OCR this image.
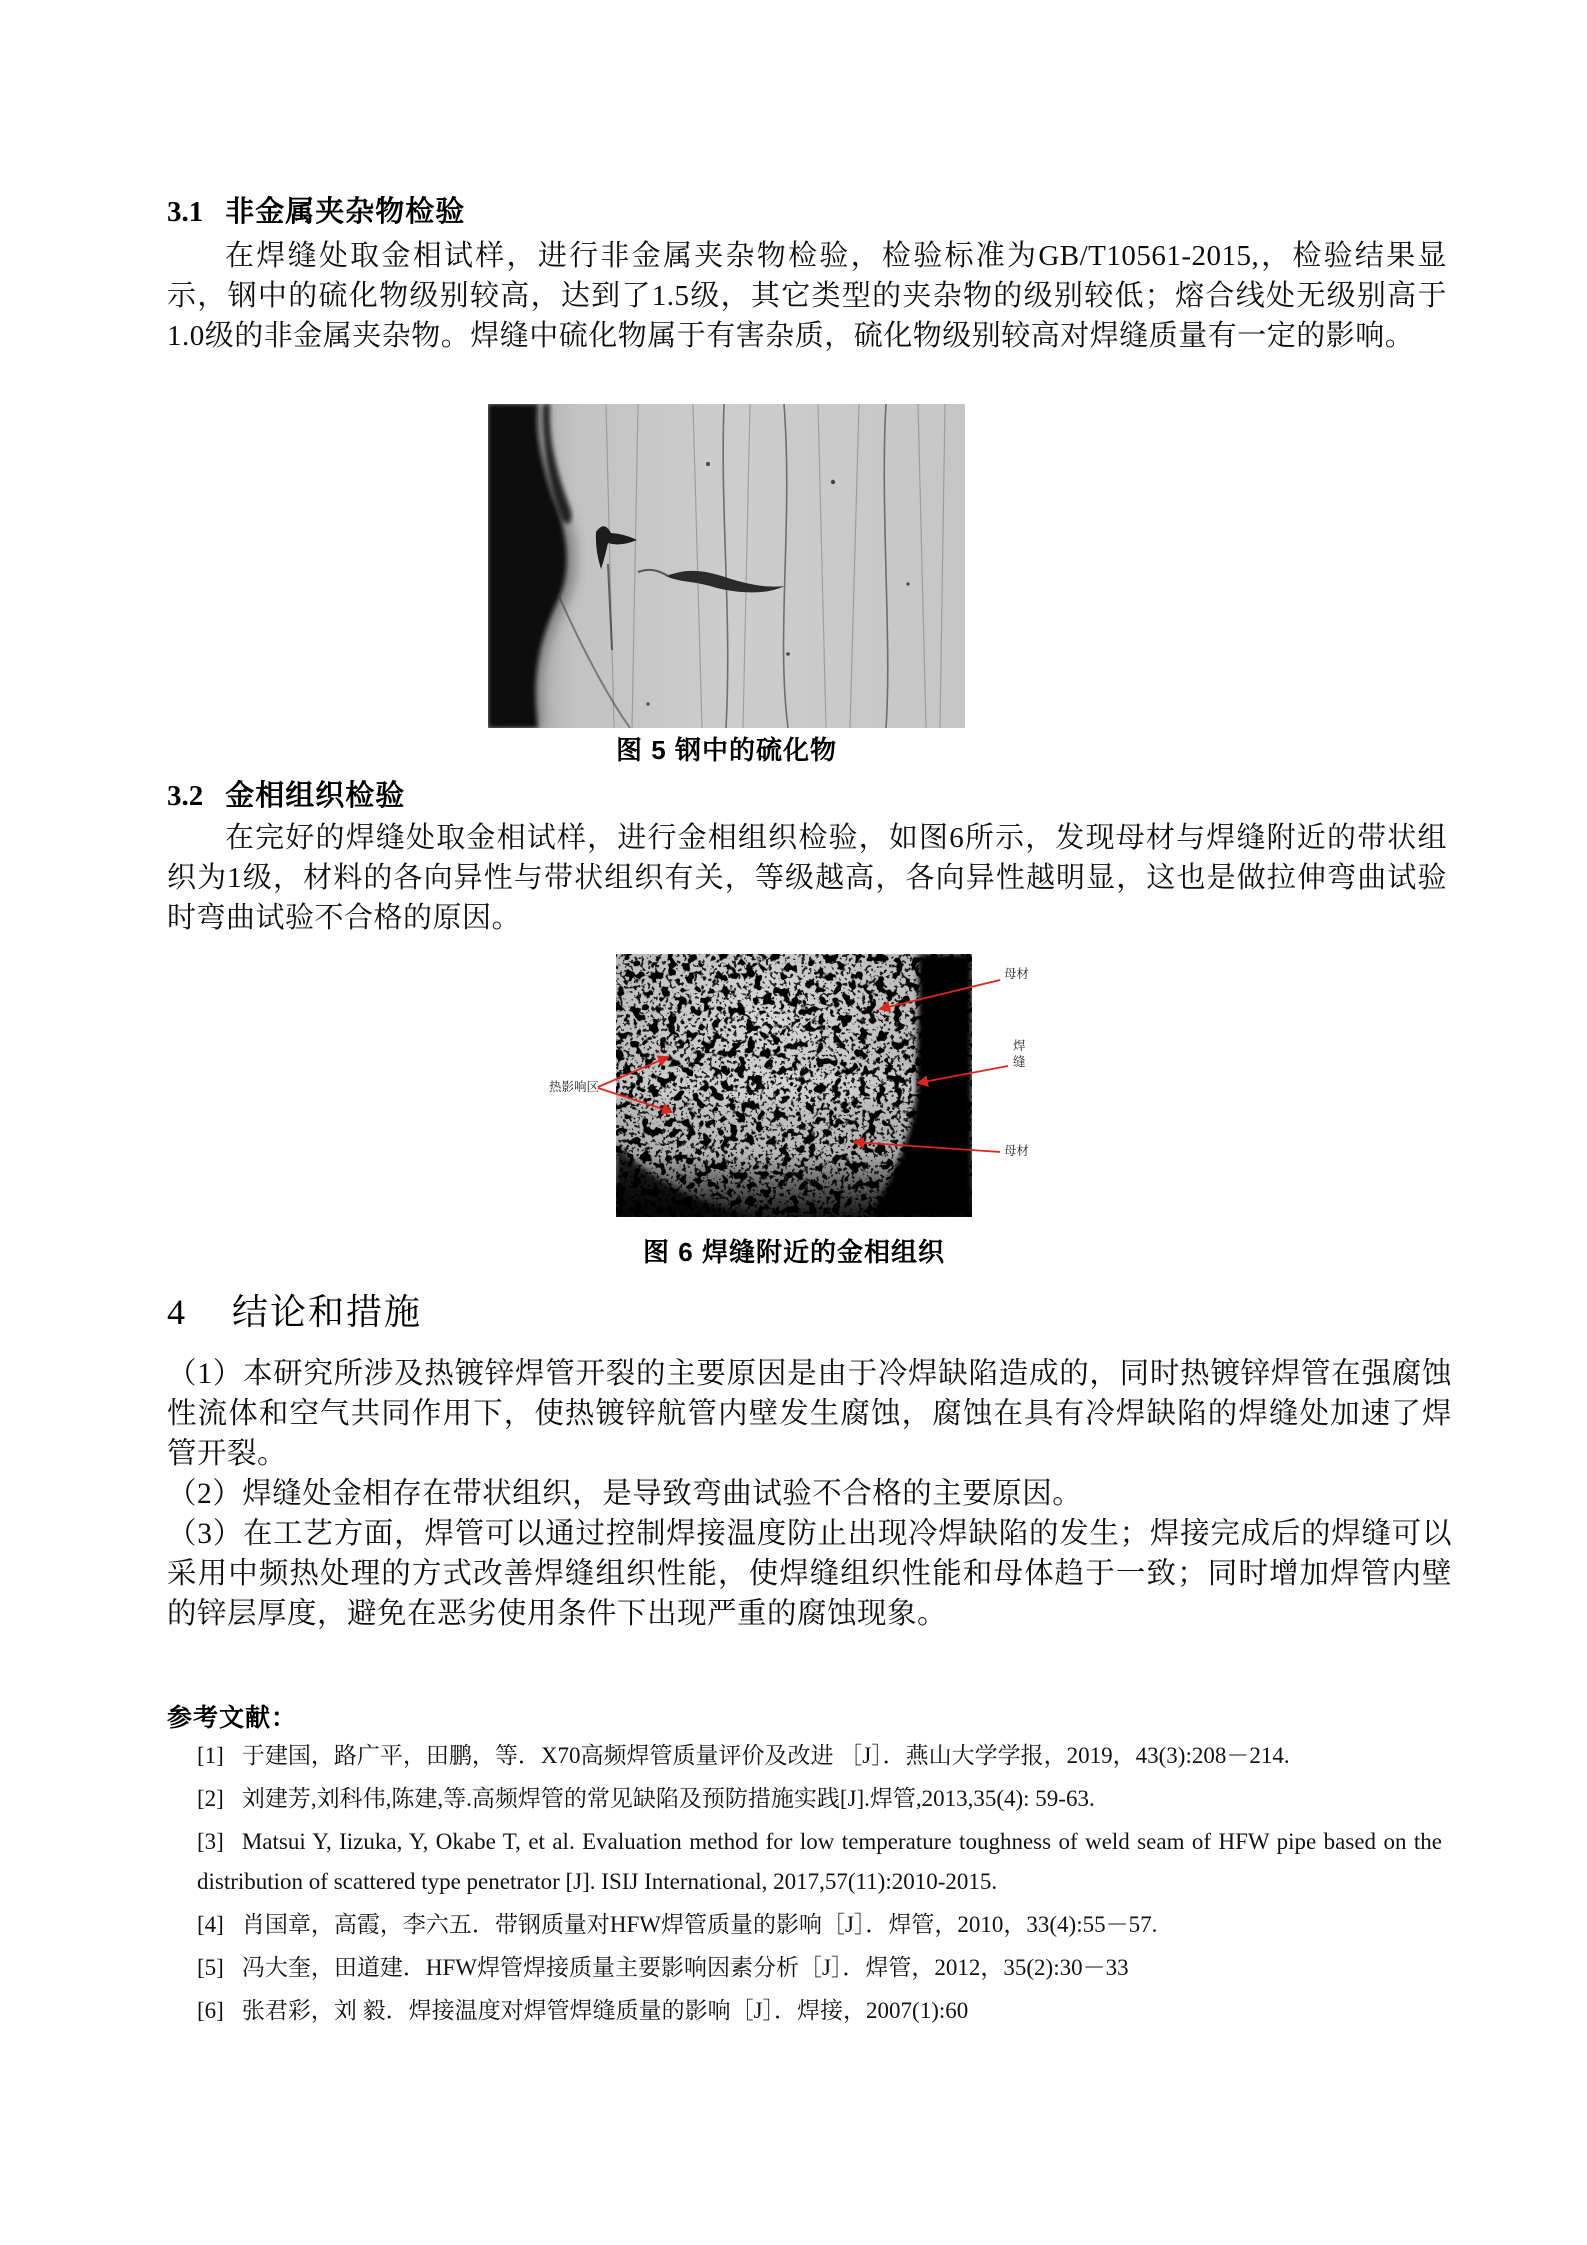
3.1 非金属夹杂物检验
在焊缝处取金相试样，进行非金属夹杂物检验，检验标准为GB/T10561-2015,，检验结果显示，钢中的硫化物级别较高，达到了1.5级，其它类型的夹杂物的级别较低；熔合线处无级别高于1.0级的非金属夹杂物。焊缝中硫化物属于有害杂质，硫化物级别较高对焊缝质量有一定的影响。
图 5 钢中的硫化物
3.2 金相组织检验
在完好的焊缝处取金相试样，进行金相组织检验，如图6所示，发现母材与焊缝附近的带状组织为1级，材料的各向异性与带状组织有关，等级越高，各向异性越明显，这也是做拉伸弯曲试验时弯曲试验不合格的原因。
热影响区
母材
焊缝
母材
图 6 焊缝附近的金相组织
4 结论和措施

（1）本研究所涉及热镀锌焊管开裂的主要原因是由于冷焊缺陷造成的，同时热镀锌焊管在强腐蚀性流体和空气共同作用下，使热镀锌航管内壁发生腐蚀，腐蚀在具有冷焊缺陷的焊缝处加速了焊管开裂。

（2）焊缝处金相存在带状组织，是导致弯曲试验不合格的主要原因。

（3）在工艺方面，焊管可以通过控制焊接温度防止出现冷焊缺陷的发生；焊接完成后的焊缝可以采用中频热处理的方式改善焊缝组织性能，使焊缝组织性能和母体趋于一致；同时增加焊管内壁的锌层厚度，避免在恶劣使用条件下出现严重的腐蚀现象。

参考文献：
[1] 于建国，路广平，田鹏，等．X70高频焊管质量评价及改进 ［J］．燕山大学学报，2019，43(3):208－214.
[2] 刘建芳,刘科伟,陈建,等.高频焊管的常见缺陷及预防措施实践[J].焊管,2013,35(4): 59-63.
[3] Matsui Y, Iizuka, Y, Okabe T, et al. Evaluation method for low temperature toughness of weld seam of HFW pipe based on the distribution of scattered type penetrator [J]. ISIJ International, 2017,57(11):2010-2015.
[4] 肖国章，高霞，李六五．带钢质量对HFW焊管质量的影响［J］．焊管，2010，33(4):55－57.
[5] 冯大奎，田道建．HFW焊管焊接质量主要影响因素分析［J］．焊管，2012，35(2):30－33
[6] 张君彩，刘 毅．焊接温度对焊管焊缝质量的影响［J］．焊接，2007(1):60
